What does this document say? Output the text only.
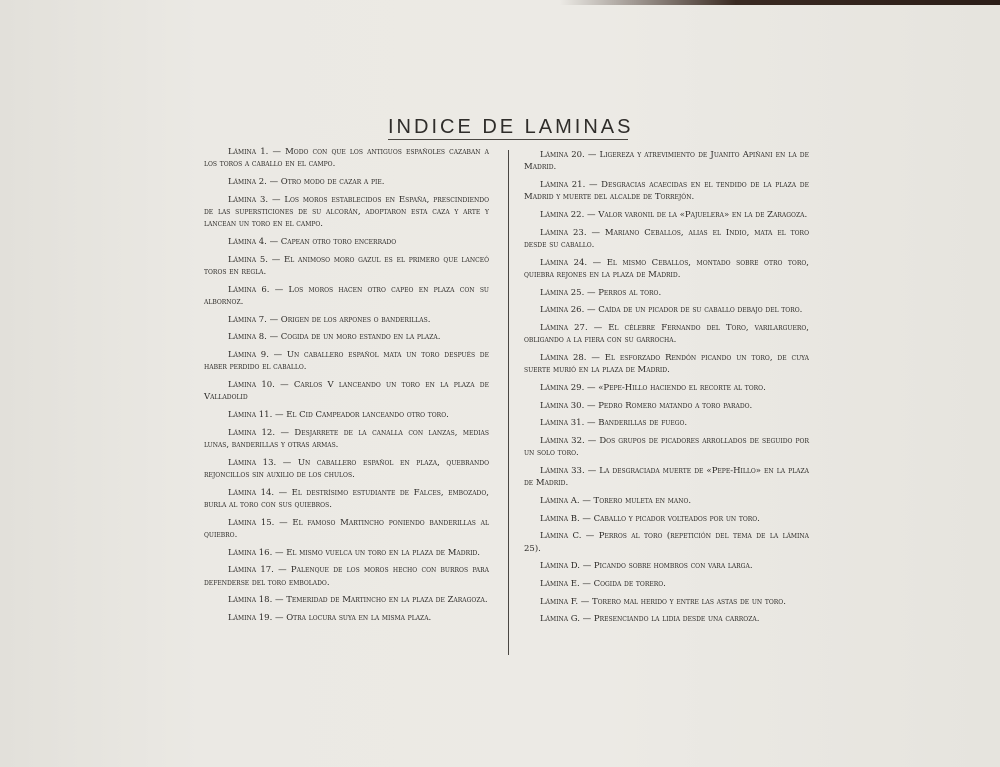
INDICE DE LAMINAS

Lámina 1. — Modo con que los antiguos españoles cazaban a los toros a caballo en el campo.

Lámina 2. — Otro modo de cazar a pie.

Lámina 3. — Los moros establecidos en España, prescindiendo de las supersticiones de su alcorán, adoptaron esta caza y arte y lancean un toro en el campo.

Lámina 4. — Capean otro toro encerrado

Lámina 5. — El animoso moro gazul es el primero que lanceó toros en regla.

Lámina 6. — Los moros hacen otro capeo en plaza con su albornoz.

Lámina 7. — Origen de los arpones o banderillas.

Lámina 8. — Cogida de un moro estando en la plaza.

Lámina 9. — Un caballero español mata un toro después de haber perdido el caballo.

Lámina 10. — Carlos V lanceando un toro en la plaza de Valladolid

Lámina 11. — El Cid Campeador lanceando otro toro.

Lámina 12. — Desjarrete de la canalla con lanzas, medias lunas, banderillas y otras armas.

Lámina 13. — Un caballero español en plaza, quebrando rejoncillos sin auxilio de los chulos.

Lámina 14. — El destrísimo estudiante de Falces, embozado, burla al toro con sus quiebros.

Lámina 15. — El famoso Martincho poniendo banderillas al quiebro.

Lámina 16. — El mismo vuelca un toro en la plaza de Madrid.

Lámina 17. — Palenque de los moros hecho con burros para defenderse del toro embolado.

Lámina 18. — Temeridad de Martincho en la plaza de Zaragoza.

Lámina 19. — Otra locura suya en la misma plaza.

Lámina 20. — Ligereza y atrevimiento de Juanito Apiñani en la de Madrid.

Lámina 21. — Desgracias acaecidas en el tendido de la plaza de Madrid y muerte del alcalde de Torrejón.

Lámina 22. — Valor varonil de la «Pajuelera» en la de Zaragoza.

Lámina 23. — Mariano Ceballos, alias el Indio, mata el toro desde su caballo.

Lámina 24. — El mismo Ceballos, montado sobre otro toro, quiebra rejones en la plaza de Madrid.

Lámina 25. — Perros al toro.

Lámina 26. — Caída de un picador de su caballo debajo del toro.

Lámina 27. — El célebre Fernando del Toro, varilarguero, obligando a la fiera con su garrocha.

Lámina 28. — El esforzado Rendón picando un toro, de cuya suerte murió en la plaza de Madrid.

Lámina 29. — «Pepe-Hillo haciendo el recorte al toro.

Lámina 30. — Pedro Romero matando a toro parado.

Lámina 31. — Banderillas de fuego.

Lámina 32. — Dos grupos de picadores arrollados de seguido por un solo toro.

Lámina 33. — La desgraciada muerte de «Pepe-Hillo» en la plaza de Madrid.

Lámina A. — Torero muleta en mano.

Lámina B. — Caballo y picador volteados por un toro.

Lámina C. — Perros al toro (repetición del tema de la lámina 25).

Lámina D. — Picando sobre hombros con vara larga.

Lámina E. — Cogida de torero.

Lámina F. — Torero mal herido y entre las astas de un toro.

Lámina G. — Presenciando la lidia desde una carroza.
